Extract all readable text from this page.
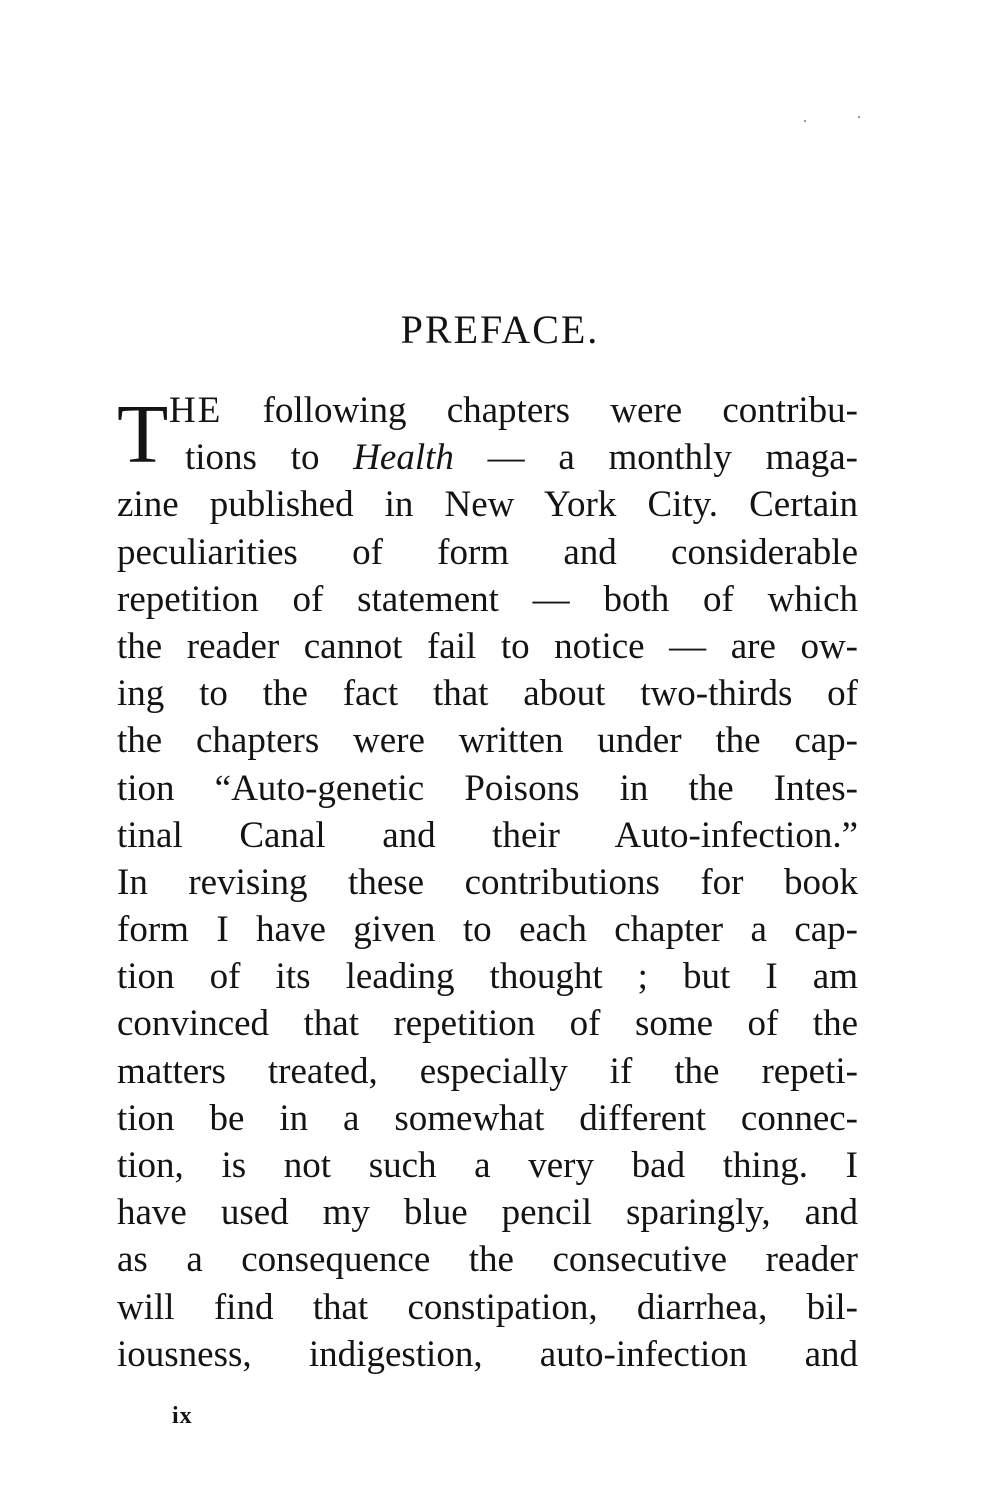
PREFACE.
T HE following chapters were contribu-
tions to Health — a monthly maga-
zine published in New York City. Certain
peculiarities of form and considerable
repetition of statement — both of which
the reader cannot fail to notice — are ow-
ing to the fact that about two-thirds of
the chapters were written under the cap-
tion “Auto-genetic Poisons in the Intes-
tinal Canal and their Auto-infection.”
In revising these contributions for book
form I have given to each chapter a cap-
tion of its leading thought ; but I am
convinced that repetition of some of the
matters treated, especially if the repeti-
tion be in a somewhat different connec-
tion, is not such a very bad thing. I
have used my blue pencil sparingly, and
as a consequence the consecutive reader
will find that constipation, diarrhea, bil-
iousness, indigestion, auto-infection and
ix
